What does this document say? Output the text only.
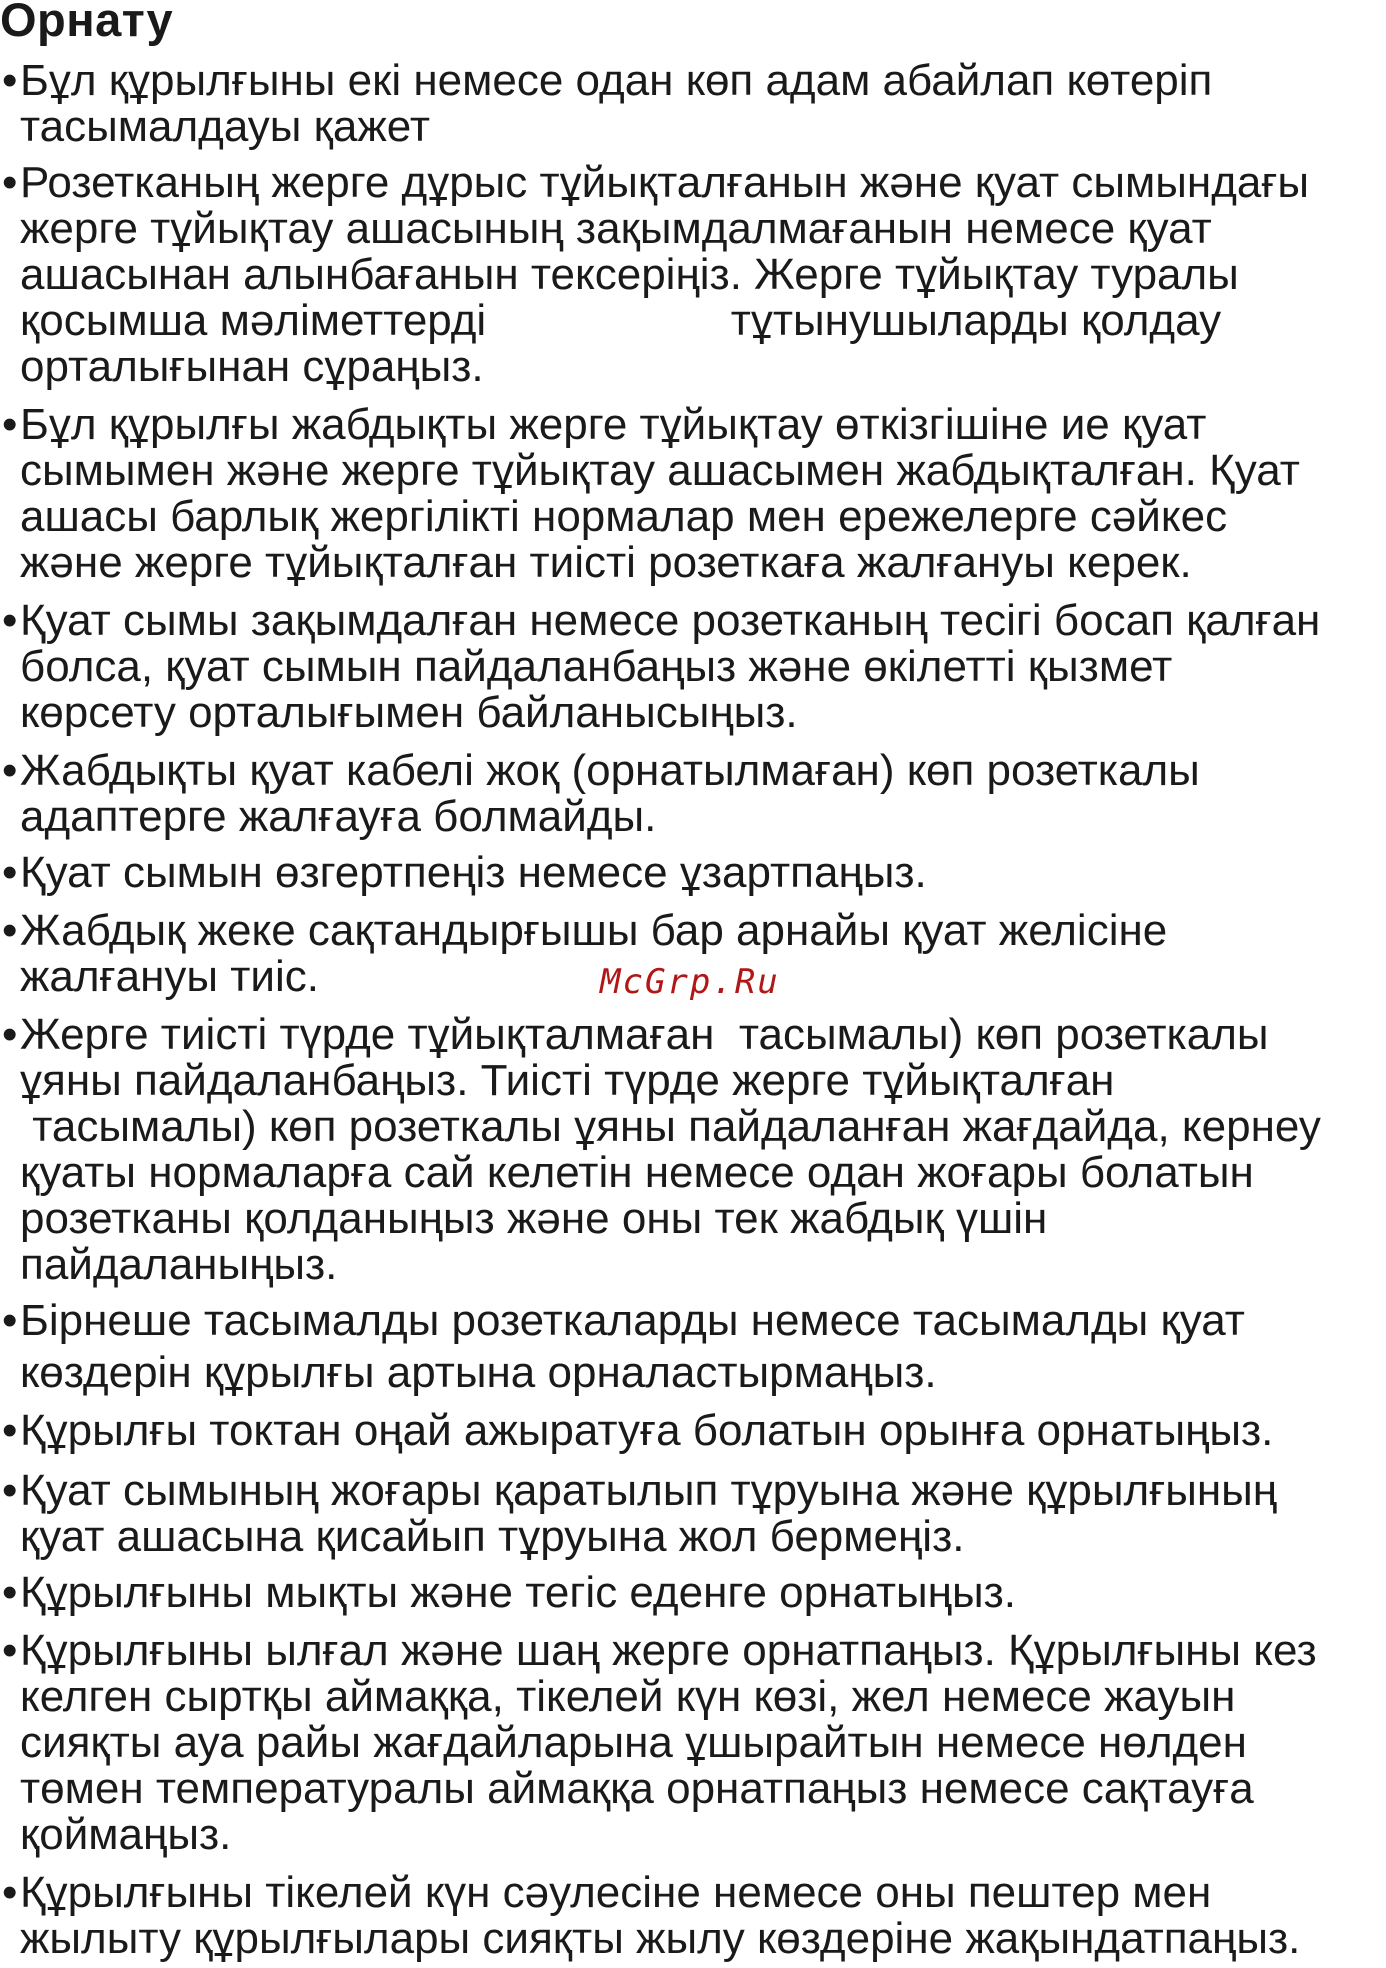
Орнату
• Бұл құрылғыны екі немесе одан көп адам абайлап көтеріп
тасымалдауы қажет
• Розетканың жерге дұрыс тұйықталғанын және қуат сымындағы
жерге тұйықтау ашасының зақымдалмағанын немесе қуат
ашасынан алынбағанын тексеріңіз. Жерге тұйықтау туралы
қосымша мәліметтерді                    тұтынушыларды қолдау
орталығынан сұраңыз.
• Бұл құрылғы жабдықты жерге тұйықтау өткізгішіне ие қуат
сымымен және жерге тұйықтау ашасымен жабдықталған. Қуат
ашасы барлық жергілікті нормалар мен ережелерге сәйкес
және жерге тұйықталған тиісті розеткаға жалғануы керек.
• Қуат сымы зақымдалған немесе розетканың тесігі босап қалған
болса, қуат сымын пайдаланбаңыз және өкілетті қызмет
көрсету орталығымен байланысыңыз.
• Жабдықты қуат кабелі жоқ (орнатылмаған) көп розеткалы
адаптерге жалғауға болмайды.
• Қуат сымын өзгертпеңіз немесе ұзартпаңыз.
• Жабдық жеке сақтандырғышы бар арнайы қуат желісіне
жалғануы тиіс.
• Жерге тиісті түрде тұйықталмаған  тасымалы) көп розеткалы
ұяны пайдаланбаңыз. Тиісті түрде жерге тұйықталған
тасымалы) көп розеткалы ұяны пайдаланған жағдайда, кернеу
қуаты нормаларға сай келетін немесе одан жоғары болатын
розетканы қолданыңыз және оны тек жабдық үшін
пайдаланыңыз.
• Бірнеше тасымалды розеткаларды немесе тасымалды қуат
көздерін құрылғы артына орналастырмаңыз.
• Құрылғы токтан оңай ажыратуға болатын орынға орнатыңыз.
• Қуат сымының жоғары қаратылып тұруына және құрылғының
қуат ашасына қисайып тұруына жол бермеңіз.
• Құрылғыны мықты және тегіс еденге орнатыңыз.
• Құрылғыны ылғал және шаң жерге орнатпаңыз. Құрылғыны кез
келген сыртқы аймаққа, тікелей күн көзі, жел немесе жауын
сияқты ауа райы жағдайларына ұшырайтын немесе нөлден
төмен температуралы аймаққа орнатпаңыз немесе сақтауға
қоймаңыз.
• Құрылғыны тікелей күн сәулесіне немесе оны пештер мен
жылыту құрылғылары сияқты жылу көздеріне жақындатпаңыз.
McGrp.Ru
